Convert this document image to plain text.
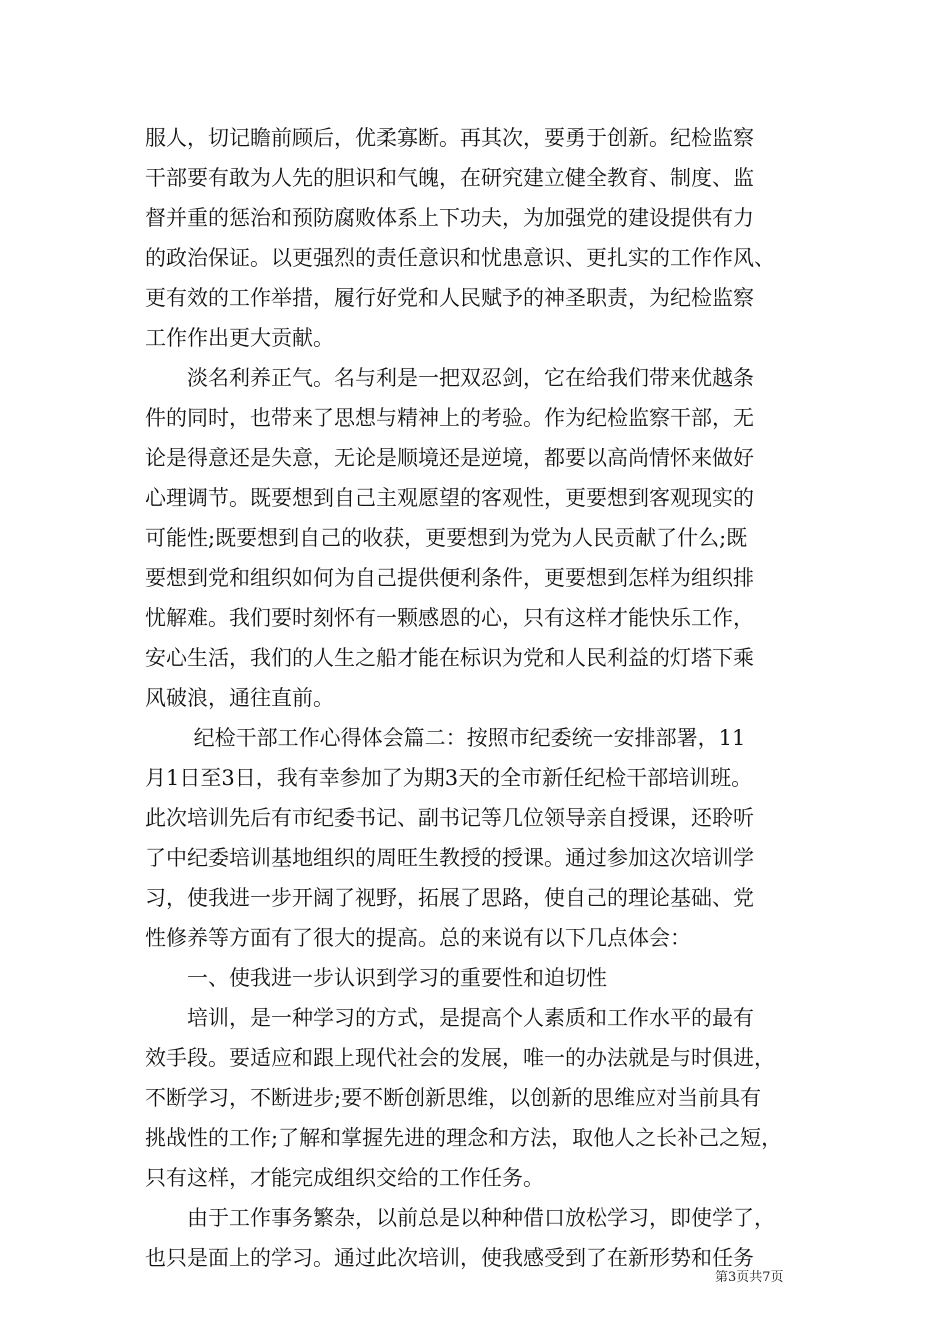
服人，切记瞻前顾后，优柔寡断。再其次，要勇于创新。纪检监察
干部要有敢为人先的胆识和气魄，在研究建立健全教育、制度、监
督并重的惩治和预防腐败体系上下功夫，为加强党的建设提供有力
的政治保证。以更强烈的责任意识和忧患意识、更扎实的工作作风、
更有效的工作举措，履行好党和人民赋予的神圣职责，为纪检监察
工作作出更大贡献。
　　淡名利养正气。名与利是一把双忍剑，它在给我们带来优越条
件的同时，也带来了思想与精神上的考验。作为纪检监察干部，无
论是得意还是失意，无论是顺境还是逆境，都要以高尚情怀来做好
心理调节。既要想到自己主观愿望的客观性，更要想到客观现实的
可能性;既要想到自己的收获，更要想到为党为人民贡献了什么;既
要想到党和组织如何为自己提供便利条件，更要想到怎样为组织排
忧解难。我们要时刻怀有一颗感恩的心，只有这样才能快乐工作，
安心生活，我们的人生之船才能在标识为党和人民利益的灯塔下乘
风破浪，通往直前。
　　 纪检干部工作心得体会篇二：按照市纪委统一安排部署，11
月1日至3日，我有幸参加了为期3天的全市新任纪检干部培训班。
此次培训先后有市纪委书记、副书记等几位领导亲自授课，还聆听
了中纪委培训基地组织的周旺生教授的授课。通过参加这次培训学
习，使我进一步开阔了视野，拓展了思路，使自己的理论基础、党
性修养等方面有了很大的提高。总的来说有以下几点体会：
　　一、使我进一步认识到学习的重要性和迫切性
　　培训，是一种学习的方式，是提高个人素质和工作水平的最有
效手段。要适应和跟上现代社会的发展，唯一的办法就是与时俱进，
不断学习，不断进步;要不断创新思维，以创新的思维应对当前具有
挑战性的工作;了解和掌握先进的理念和方法，取他人之长补己之短，
只有这样，才能完成组织交给的工作任务。
　　由于工作事务繁杂，以前总是以种种借口放松学习，即使学了，
也只是面上的学习。通过此次培训，使我感受到了在新形势和任务
第3页共7页
